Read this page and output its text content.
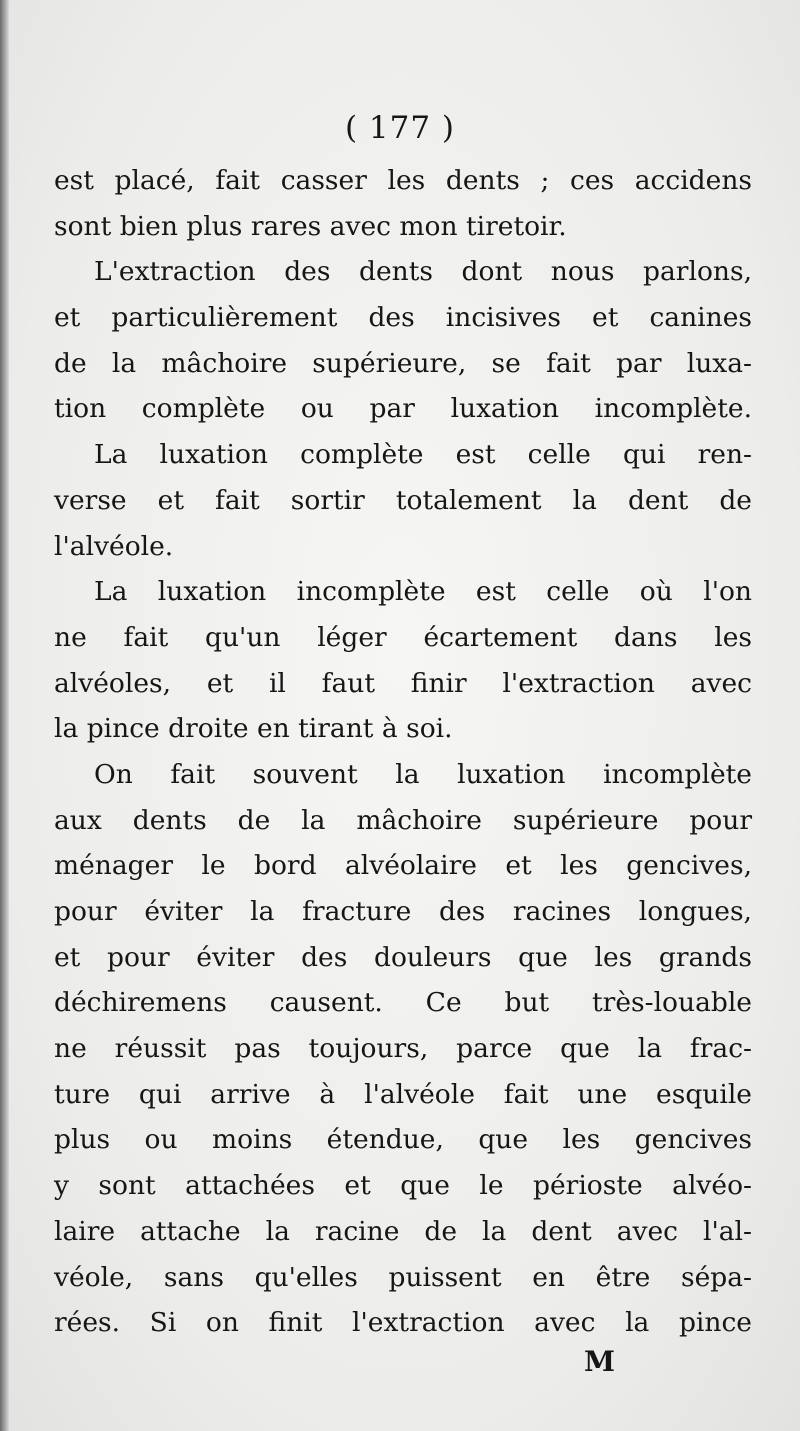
( 177 )
est placé, fait casser les dents ; ces accidens
sont bien plus rares avec mon tiretoir.
L'extraction des dents dont nous parlons,
et particulièrement des incisives et canines
de la mâchoire supérieure, se fait par luxa-
tion complète ou par luxation incomplète.
La luxation complète est celle qui ren-
verse et fait sortir totalement la dent de
l'alvéole.
La luxation incomplète est celle où l'on
ne fait qu'un léger écartement dans les
alvéoles, et il faut finir l'extraction avec
la pince droite en tirant à soi.
On fait souvent la luxation incomplète
aux dents de la mâchoire supérieure pour
ménager le bord alvéolaire et les gencives,
pour éviter la fracture des racines longues,
et pour éviter des douleurs que les grands
déchiremens causent. Ce but très-louable
ne réussit pas toujours, parce que la frac-
ture qui arrive à l'alvéole fait une esquile
plus ou moins étendue, que les gencives
y sont attachées et que le périoste alvéo-
laire attache la racine de la dent avec l'al-
véole, sans qu'elles puissent en être sépa-
rées. Si on finit l'extraction avec la pince
M
